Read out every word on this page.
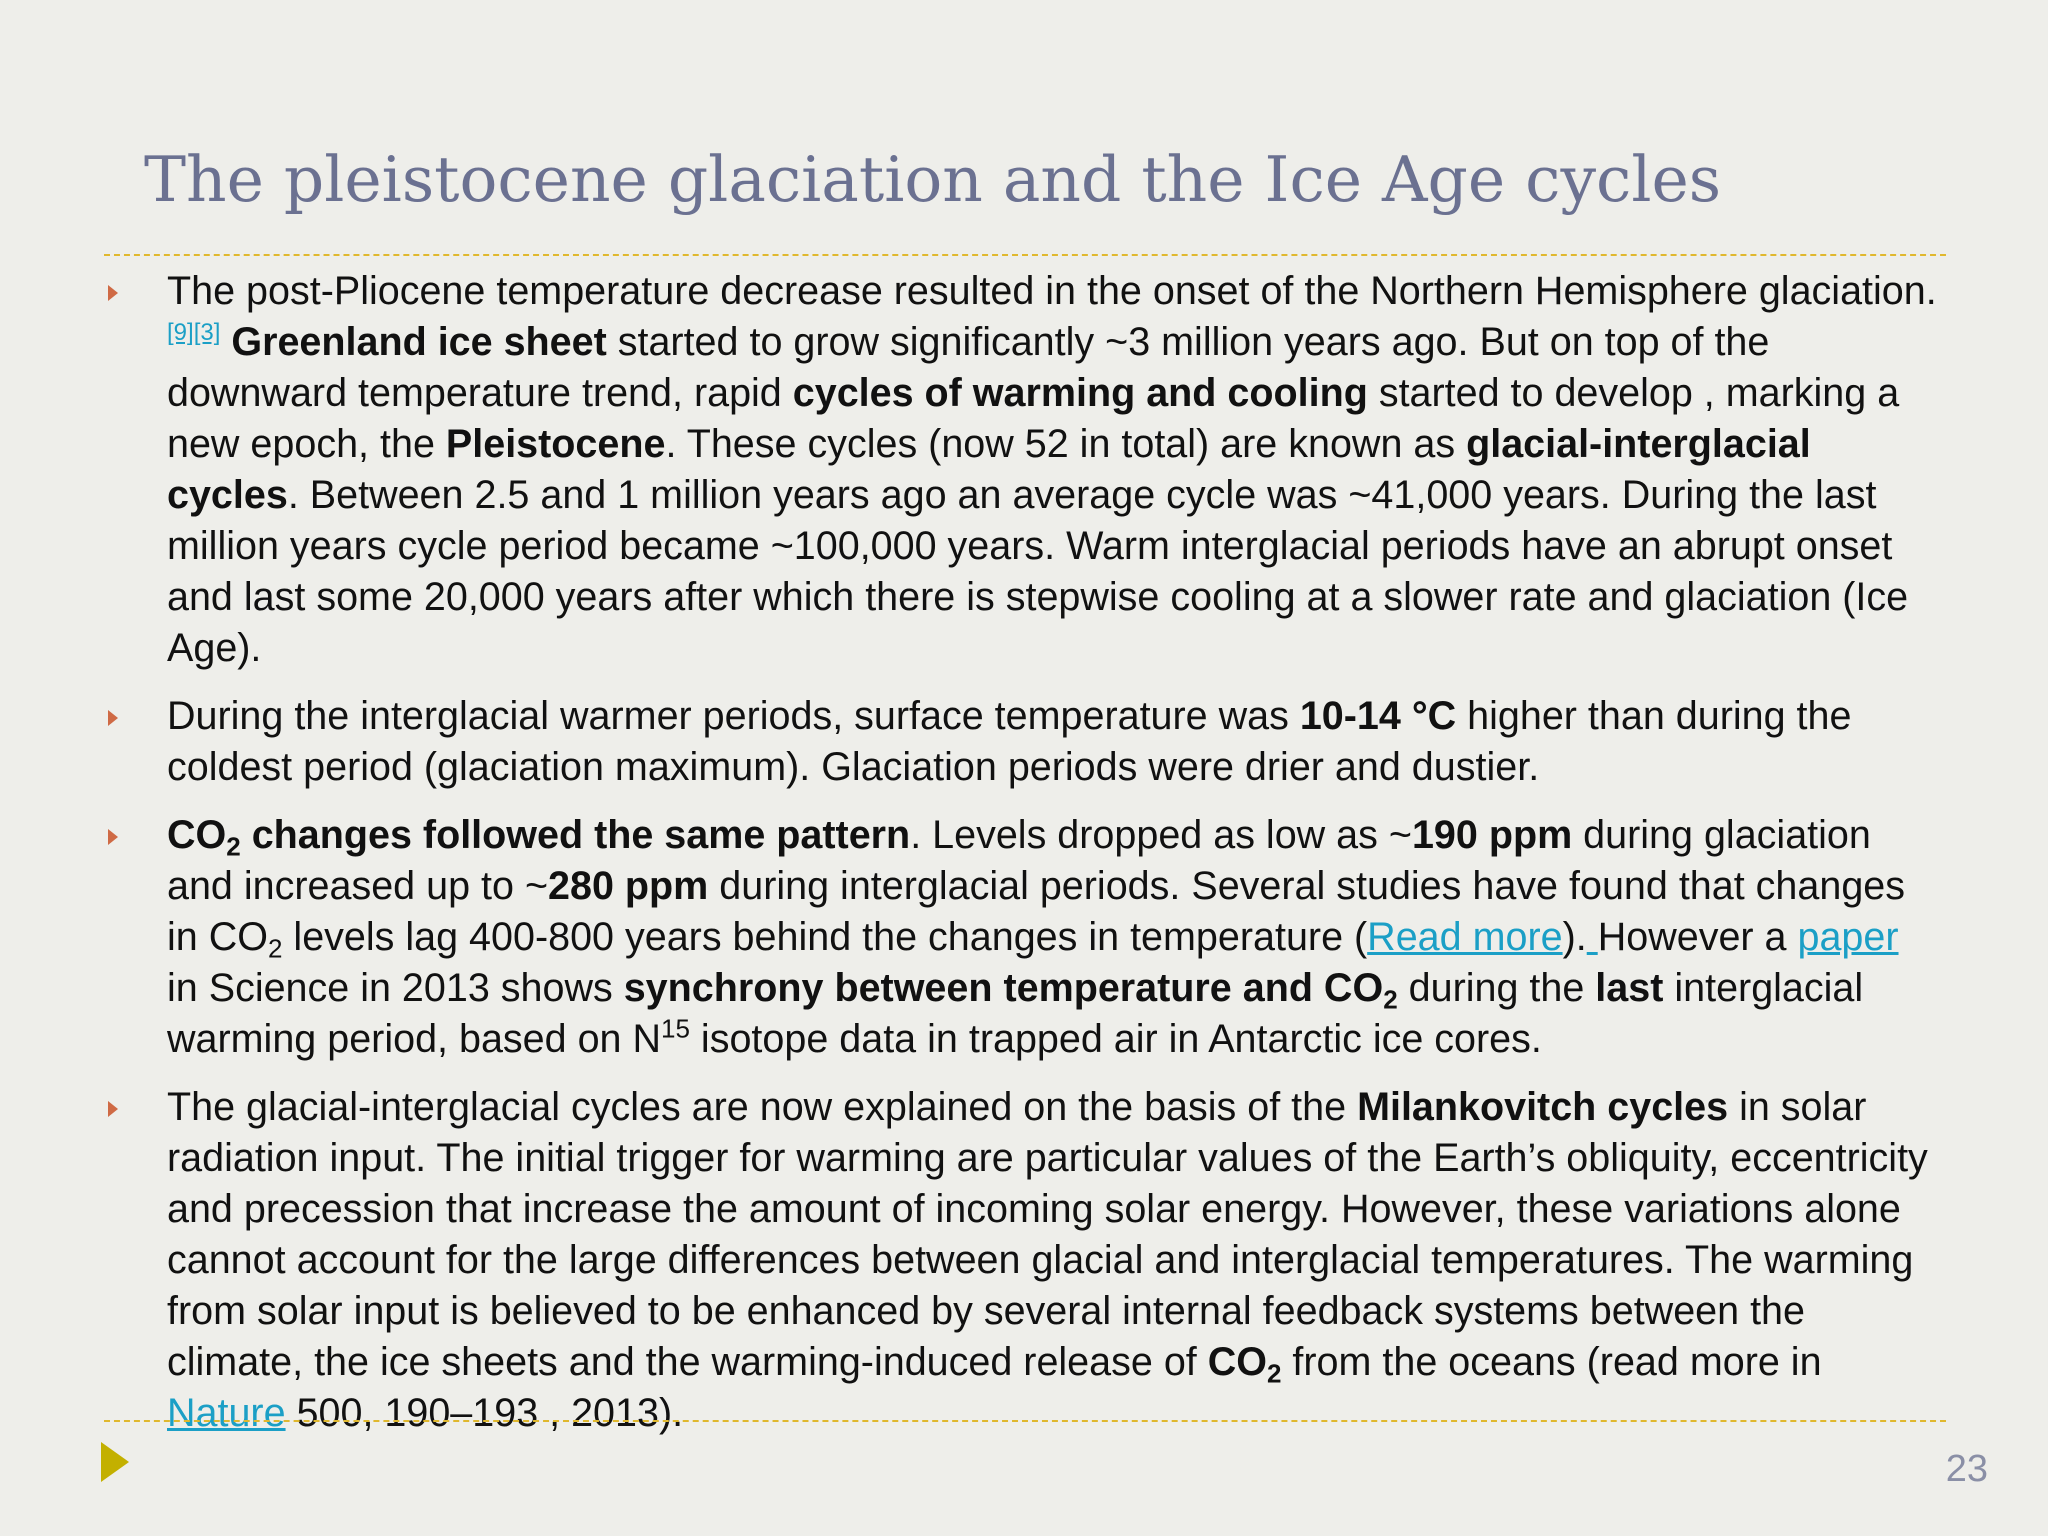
The pleistocene glaciation and the Ice Age cycles
The post-Pliocene temperature decrease resulted in the onset of the Northern Hemisphere glaciation.[9][3] Greenland ice sheet started to grow significantly ~3 million years ago. But on top of the downward temperature trend, rapid cycles of warming and cooling started to develop , marking a new epoch, the Pleistocene. These cycles (now 52 in total) are known as glacial-interglacial cycles. Between 2.5 and 1 million years ago an average cycle was ~41,000 years. During the last million years cycle period became ~100,000 years. Warm interglacial periods have an abrupt onset and last some 20,000 years after which there is stepwise cooling at a slower rate and glaciation (Ice Age).
During the interglacial warmer periods, surface temperature was 10-14 °C higher than during the coldest period (glaciation maximum). Glaciation periods were drier and dustier.
$CO_2$ changes followed the same pattern. Levels dropped as low as ~190 ppm during glaciation and increased up to ~280 ppm during interglacial periods. Several studies have found that changes in $CO_2$ levels lag 400-800 years behind the changes in temperature (Read more). However a paper in Science in 2013 shows synchrony between temperature and $CO_2$ during the last interglacial warming period, based on $N^{15}$ isotope data in trapped air in Antarctic ice cores.
The glacial-interglacial cycles are now explained on the basis of the Milankovitch cycles in solar radiation input. The initial trigger for warming are particular values of the Earth’s obliquity, eccentricity and precession that increase the amount of incoming solar energy. However, these variations alone cannot account for the large differences between glacial and interglacial temperatures. The warming from solar input is believed to be enhanced by several internal feedback systems between the climate, the ice sheets and the warming-induced release of $CO_2$ from the oceans (read more in Nature 500, 190–193 , 2013).
23
